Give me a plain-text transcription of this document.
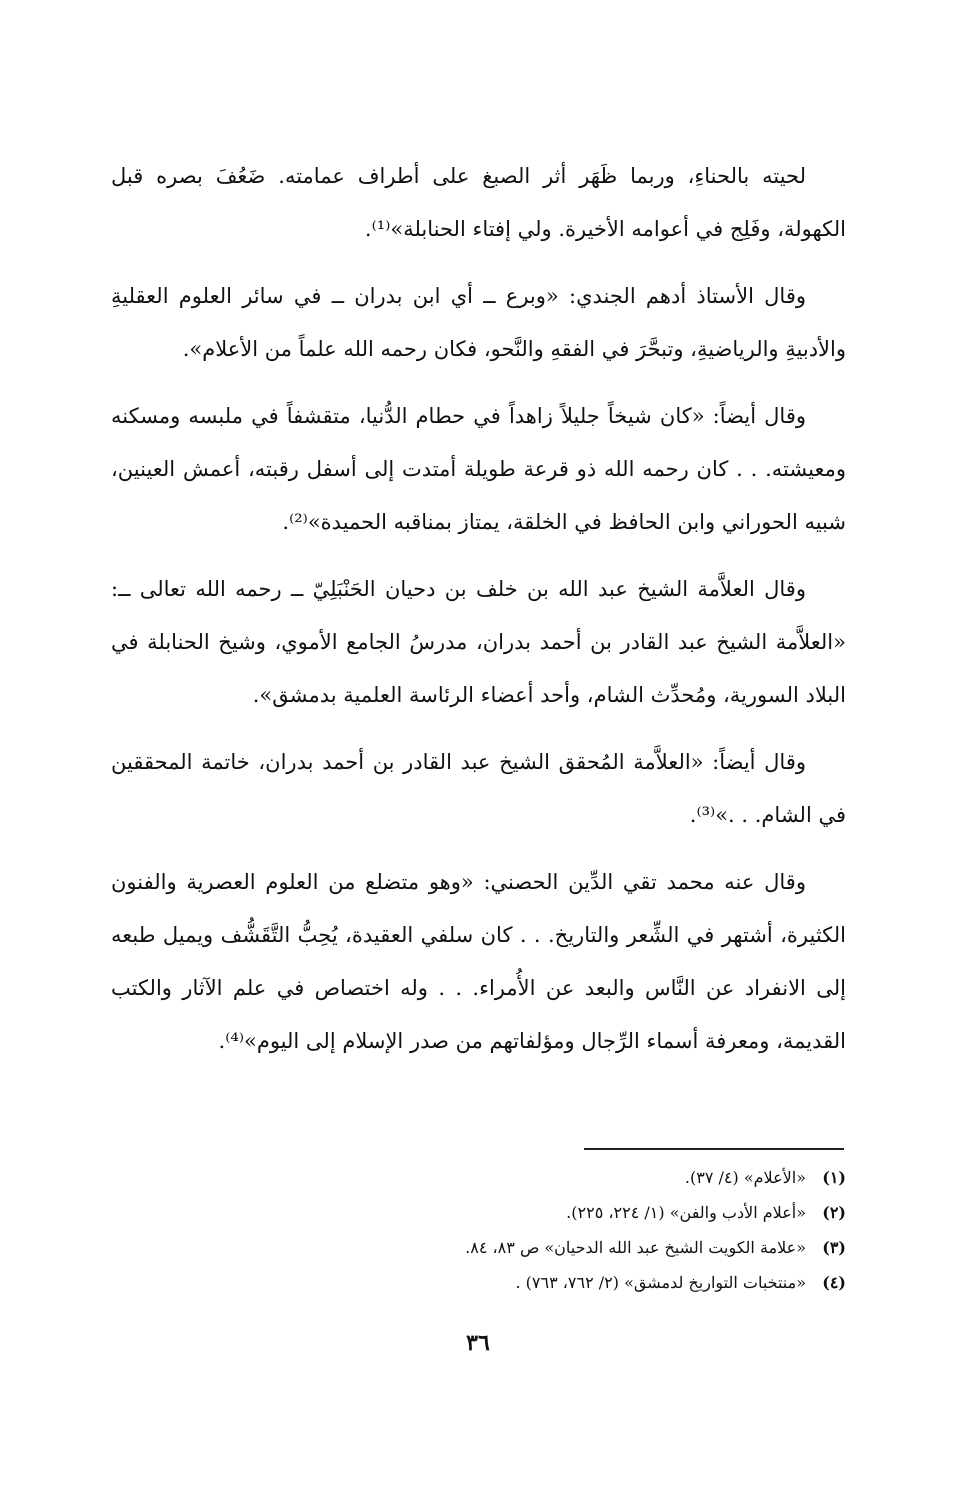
لحيته بالحناءِ، وربما ظَهَر أثر الصبغ على أطراف عمامته. ضَعُفَ بصره قبل الكهولة، وفَلِج في أعوامه الأخيرة. ولي إفتاء الحنابلة»⁽¹⁾.

وقال الأستاذ أدهم الجندي: «وبرع ــ أي ابن بدران ــ في سائر العلوم العقليةِ والأدبيةِ والرياضيةِ، وتبحَّرَ في الفقهِ والنَّحو، فكان رحمه الله علماً من الأعلام».

وقال أيضاً: «كان شيخاً جليلاً زاهداً في حطام الدُّنيا، متقشفاً في ملبسه ومسكنه ومعيشته. . . كان رحمه الله ذو قرعة طويلة أمتدت إلى أسفل رقبته، أعمش العينين، شبيه الحوراني وابن الحافظ في الخلقة، يمتاز بمناقبه الحميدة»⁽²⁾.

وقال العلاَّمة الشيخ عبد الله بن خلف بن دحيان الحَنْبَلِيّ ــ رحمه الله تعالى ــ: «العلاَّمة الشيخ عبد القادر بن أحمد بدران، مدرسُ الجامع الأموي، وشيخ الحنابلة في البلاد السورية، ومُحدِّث الشام، وأحد أعضاء الرئاسة العلمية بدمشق».

وقال أيضاً: «العلاَّمة المُحقق الشيخ عبد القادر بن أحمد بدران، خاتمة المحققين في الشام. . .»⁽³⁾.

وقال عنه محمد تقي الدِّين الحصني: «وهو متضلع من العلوم العصرية والفنون الكثيرة، أشتهر في الشِّعر والتاريخ. . . كان سلفي العقيدة، يُحِبُّ التَّقَشُّف ويميل طبعه إلى الانفراد عن النَّاس والبعد عن الأُمراء. . . وله اختصاص في علم الآثار والكتب القديمة، ومعرفة أسماء الرِّجال ومؤلفاتهم من صدر الإسلام إلى اليوم»⁽⁴⁾.

(١)
«الأعلام» (٤/ ٣٧).
(٢)
«أعلام الأدب والفن» (١/ ٢٢٤، ٢٢٥).
(٣)
«علامة الكويت الشيخ عبد الله الدحيان» ص ٨٣، ٨٤.
(٤)
«منتخبات التواريخ لدمشق» (٢/ ٧٦٢، ٧٦٣) .
٣٦
